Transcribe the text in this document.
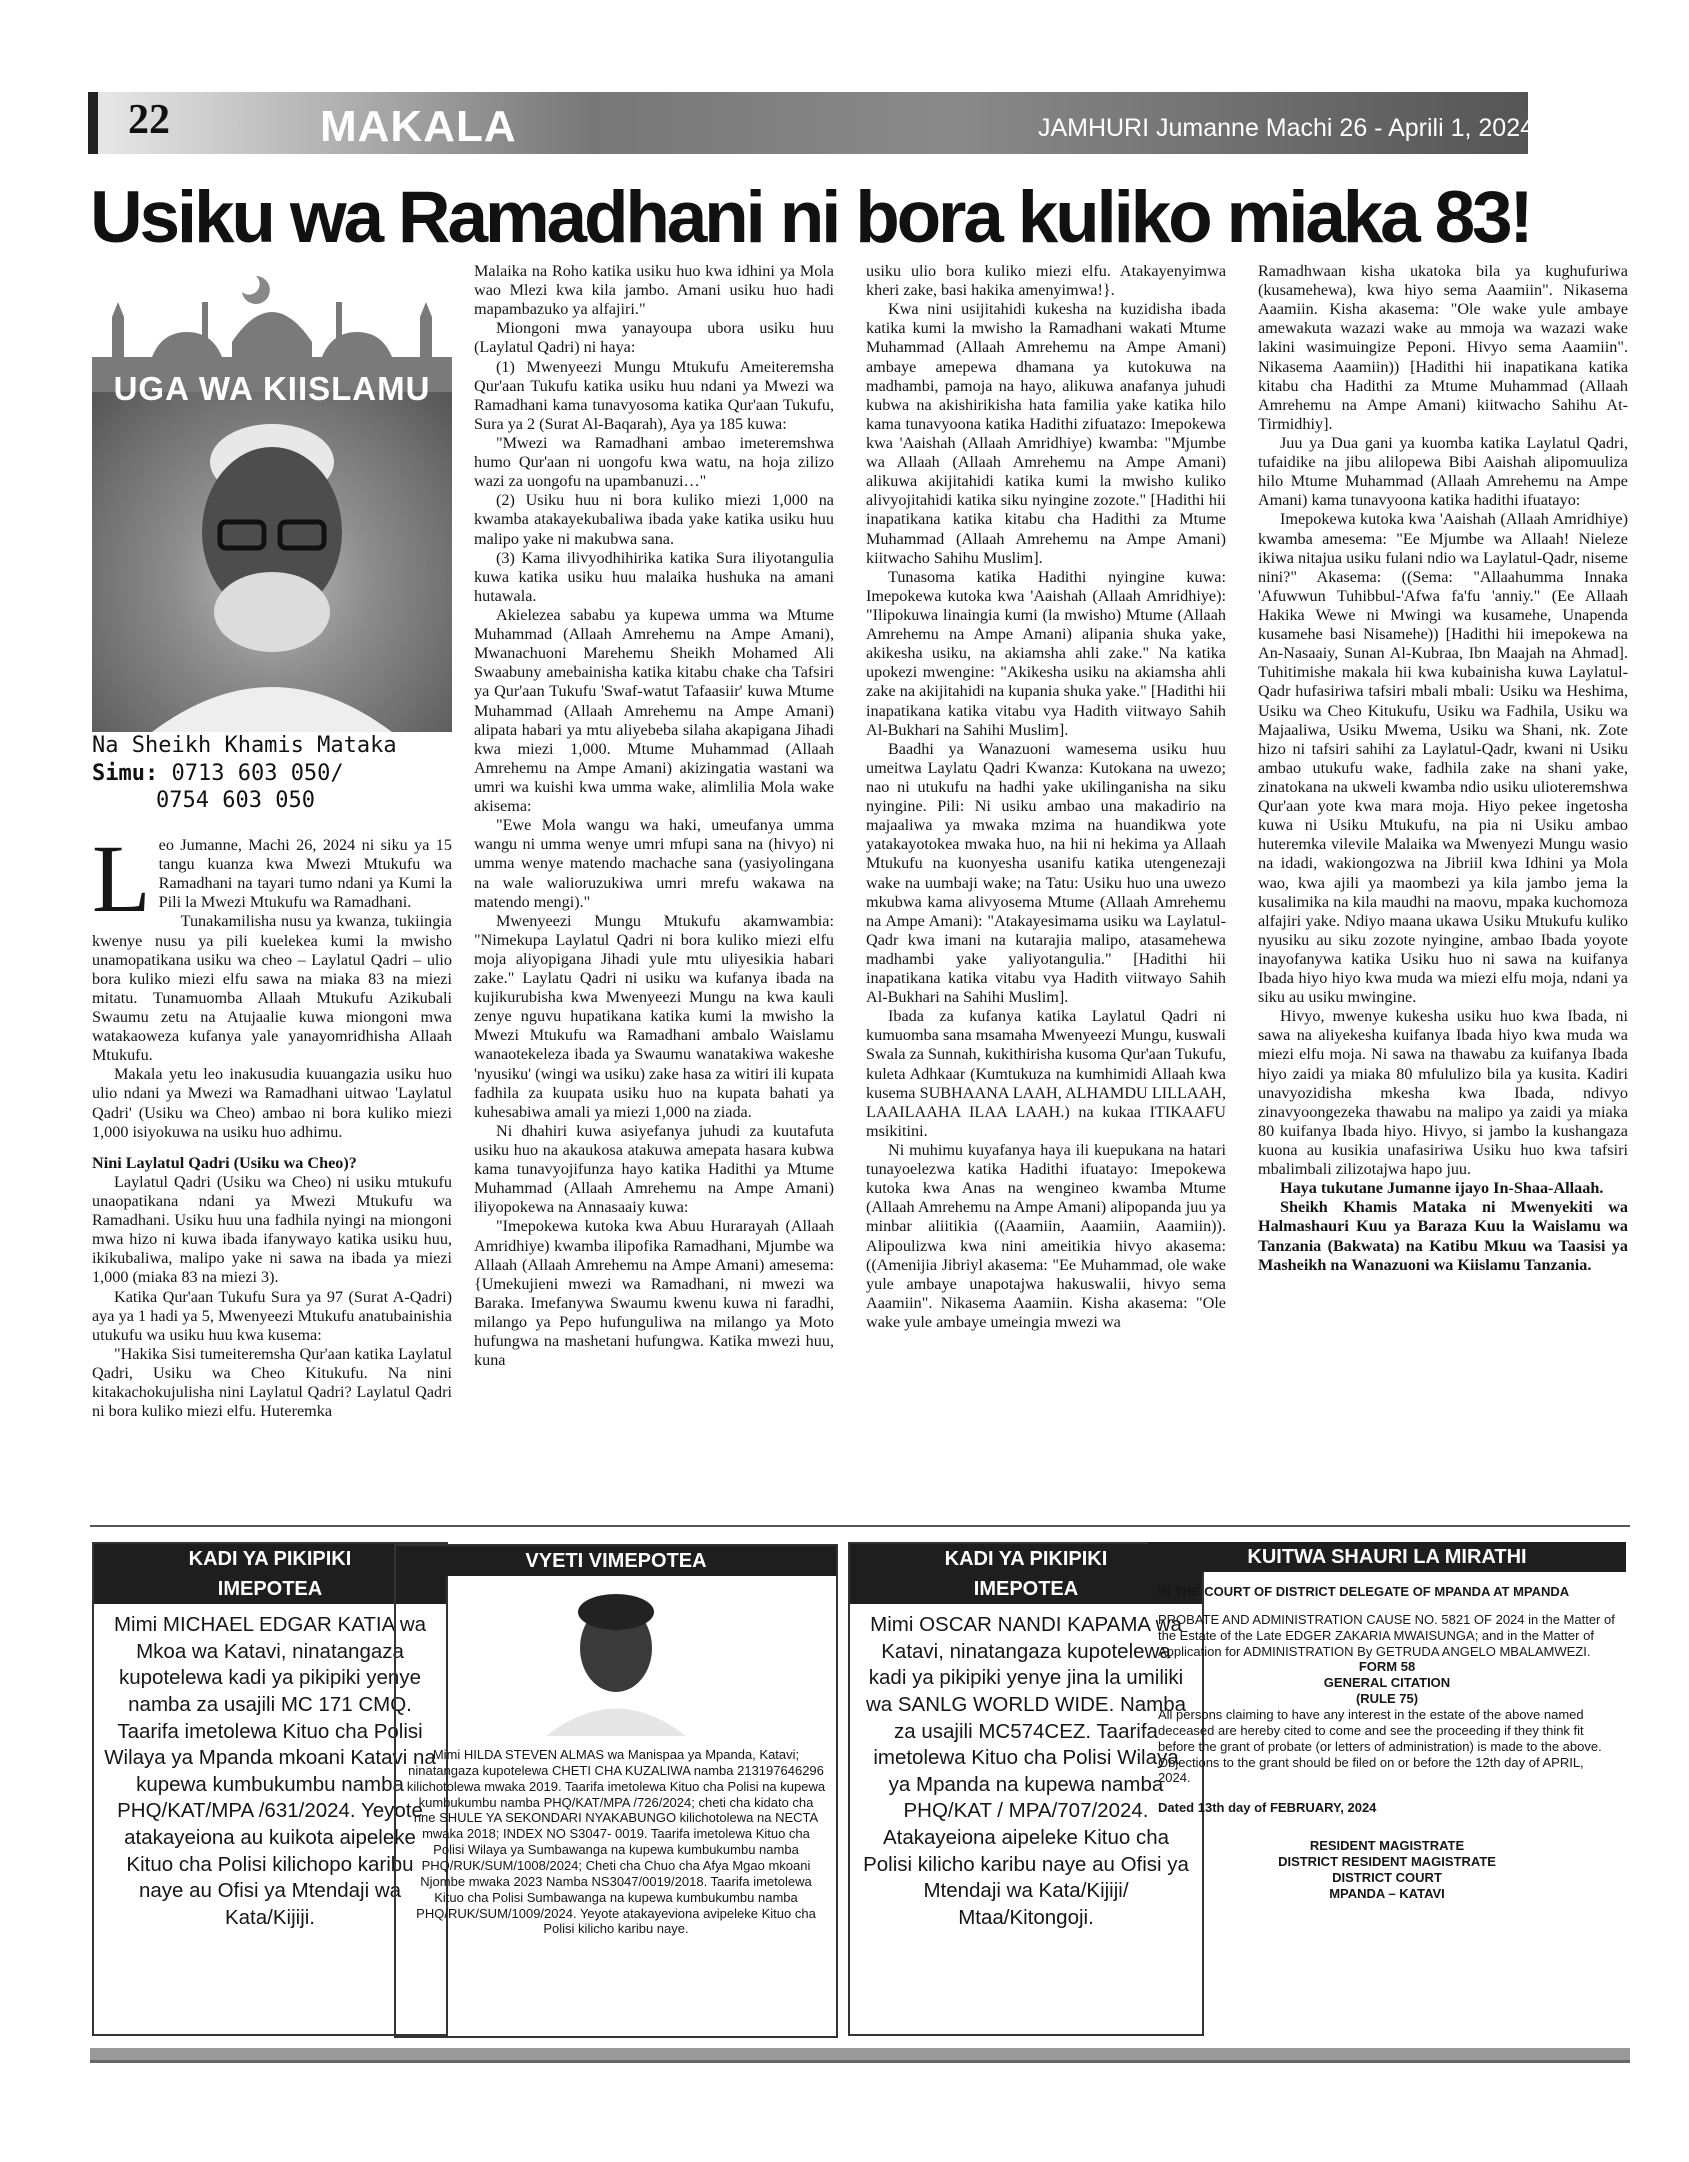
22	MAKALA	JAMHURI Jumanne Machi 26 - Aprili 1, 2024
Usiku wa Ramadhani ni bora kuliko miaka 83!
UGA WA KIISLAMU
Na Sheikh Khamis Mataka
Simu: 0713 603 050/
0754 603 050

Leo Jumanne, Machi 26, 2024 ni siku ya 15 tangu kuanza kwa Mwezi Mtukufu wa Ramadhani na tayari tumo ndani ya Kumi la Pili la Mwezi Mtukufu wa Ramadhani.

Tunakamilisha nusu ya kwanza, tukiingia kwenye nusu ya pili kuelekea kumi la mwisho unamopatikana usiku wa cheo – Laylatul Qadri – ulio bora kuliko miezi elfu sawa na miaka 83 na miezi mitatu. Tunamuomba Allaah Mtukufu Azikubali Swaumu zetu na Atujaalie kuwa miongoni mwa watakaoweza kufanya yale yanayomridhisha Allaah Mtukufu.

Makala yetu leo inakusudia kuuangazia usiku huo ulio ndani ya Mwezi wa Ramadhani uitwao 'Laylatul Qadri' (Usiku wa Cheo) ambao ni bora kuliko miezi 1,000 isiyokuwa na usiku huo adhimu.

Nini Laylatul Qadri (Usiku wa Cheo)?

Laylatul Qadri (Usiku wa Cheo) ni usiku mtukufu unaopatikana ndani ya Mwezi Mtukufu wa Ramadhani. Usiku huu una fadhila nyingi na miongoni mwa hizo ni kuwa ibada ifanywayo katika usiku huu, ikikubaliwa, malipo yake ni sawa na ibada ya miezi 1,000 (miaka 83 na miezi 3).

Katika Qur'aan Tukufu Sura ya 97 (Surat A-Qadri) aya ya 1 hadi ya 5, Mwenyeezi Mtukufu anatubainishia utukufu wa usiku huu kwa kusema:

"Hakika Sisi tumeiteremsha Qur'aan katika Laylatul Qadri, Usiku wa Cheo Kitukufu. Na nini kitakachokujulisha nini Laylatul Qadri? Laylatul Qadri ni bora kuliko miezi elfu. Huteremka

Malaika na Roho katika usiku huo kwa idhini ya Mola wao Mlezi kwa kila jambo. Amani usiku huo hadi mapambazuko ya alfajiri."

Miongoni mwa yanayoupa ubora usiku huu (Laylatul Qadri) ni haya:

(1) Mwenyeezi Mungu Mtukufu Ameiteremsha Qur'aan Tukufu katika usiku huu ndani ya Mwezi wa Ramadhani kama tunavyosoma katika Qur'aan Tukufu, Sura ya 2 (Surat Al-Baqarah), Aya ya 185 kuwa:

"Mwezi wa Ramadhani ambao imeteremshwa humo Qur'aan ni uongofu kwa watu, na hoja zilizo wazi za uongofu na upambanuzi…"

(2) Usiku huu ni bora kuliko miezi 1,000 na kwamba atakayekubaliwa ibada yake katika usiku huu malipo yake ni makubwa sana.

(3) Kama ilivyodhihirika katika Sura iliyotangulia kuwa katika usiku huu malaika hushuka na amani hutawala.

Akielezea sababu ya kupewa umma wa Mtume Muhammad (Allaah Amrehemu na Ampe Amani), Mwanachuoni Marehemu Sheikh Mohamed Ali Swaabuny amebainisha katika kitabu chake cha Tafsiri ya Qur'aan Tukufu 'Swaf-watut Tafaasiir' kuwa Mtume Muhammad (Allaah Amrehemu na Ampe Amani) alipata habari ya mtu aliyebeba silaha akapigana Jihadi kwa miezi 1,000. Mtume Muhammad (Allaah Amrehemu na Ampe Amani) akizingatia wastani wa umri wa kuishi kwa umma wake, alimlilia Mola wake akisema:

"Ewe Mola wangu wa haki, umeufanya umma wangu ni umma wenye umri mfupi sana na (hivyo) ni umma wenye matendo machache sana (yasiyolingana na wale walioruzukiwa umri mrefu wakawa na matendo mengi)."

Mwenyeezi Mungu Mtukufu akamwambia: "Nimekupa Laylatul Qadri ni bora kuliko miezi elfu moja aliyopigana Jihadi yule mtu uliyesikia habari zake." Laylatu Qadri ni usiku wa kufanya ibada na kujikurubisha kwa Mwenyeezi Mungu na kwa kauli zenye nguvu hupatikana katika kumi la mwisho la Mwezi Mtukufu wa Ramadhani ambalo Waislamu wanaotekeleza ibada ya Swaumu wanatakiwa wakeshe 'nyusiku' (wingi wa usiku) zake hasa za witiri ili kupata fadhila za kuupata usiku huo na kupata bahati ya kuhesabiwa amali ya miezi 1,000 na ziada.

Ni dhahiri kuwa asiyefanya juhudi za kuutafuta usiku huo na akaukosa atakuwa amepata hasara kubwa kama tunavyojifunza hayo katika Hadithi ya Mtume Muhammad (Allaah Amrehemu na Ampe Amani) iliyopokewa na Annasaaiy kuwa:

"Imepokewa kutoka kwa Abuu Hurarayah (Allaah Amridhiye) kwamba ilipofika Ramadhani, Mjumbe wa Allaah (Allaah Amrehemu na Ampe Amani) amesema: {Umekujieni mwezi wa Ramadhani, ni mwezi wa Baraka. Imefanywa Swaumu kwenu kuwa ni faradhi, milango ya Pepo hufunguliwa na milango ya Moto hufungwa na mashetani hufungwa. Katika mwezi huu, kuna

usiku ulio bora kuliko miezi elfu. Atakayenyimwa kheri zake, basi hakika amenyimwa!}.

Kwa nini usijitahidi kukesha na kuzidisha ibada katika kumi la mwisho la Ramadhani wakati Mtume Muhammad (Allaah Amrehemu na Ampe Amani) ambaye amepewa dhamana ya kutokuwa na madhambi, pamoja na hayo, alikuwa anafanya juhudi kubwa na akishirikisha hata familia yake katika hilo kama tunavyoona katika Hadithi zifuatazo: Imepokewa kwa 'Aaishah (Allaah Amridhiye) kwamba: "Mjumbe wa Allaah (Allaah Amrehemu na Ampe Amani) alikuwa akijitahidi katika kumi la mwisho kuliko alivyojitahidi katika siku nyingine zozote." [Hadithi hii inapatikana katika kitabu cha Hadithi za Mtume Muhammad (Allaah Amrehemu na Ampe Amani) kiitwacho Sahihu Muslim].

Tunasoma katika Hadithi nyingine kuwa: Imepokewa kutoka kwa 'Aaishah (Allaah Amridhiye): "Ilipokuwa linaingia kumi (la mwisho) Mtume (Allaah Amrehemu na Ampe Amani) alipania shuka yake, akikesha usiku, na akiamsha ahli zake." Na katika upokezi mwengine: "Akikesha usiku na akiamsha ahli zake na akijitahidi na kupania shuka yake." [Hadithi hii inapatikana katika vitabu vya Hadith viitwayo Sahih Al-Bukhari na Sahihi Muslim].

Baadhi ya Wanazuoni wamesema usiku huu umeitwa Laylatu Qadri Kwanza: Kutokana na uwezo; nao ni utukufu na hadhi yake ukilinganisha na siku nyingine. Pili: Ni usiku ambao una makadirio na majaaliwa ya mwaka mzima na huandikwa yote yatakayotokea mwaka huo, na hii ni hekima ya Allaah Mtukufu na kuonyesha usanifu katika utengenezaji wake na uumbaji wake; na Tatu: Usiku huo una uwezo mkubwa kama alivyosema Mtume (Allaah Amrehemu na Ampe Amani): "Atakayesimama usiku wa Laylatul-Qadr kwa imani na kutarajia malipo, atasamehewa madhambi yake yaliyotangulia." [Hadithi hii inapatikana katika vitabu vya Hadith viitwayo Sahih Al-Bukhari na Sahihi Muslim].

Ibada za kufanya katika Laylatul Qadri ni kumuomba sana msamaha Mwenyeezi Mungu, kuswali Swala za Sunnah, kukithirisha kusoma Qur'aan Tukufu, kuleta Adhkaar (Kumtukuza na kumhimidi Allaah kwa kusema SUBHAANA LAAH, ALHAMDU LILLAAH, LAAILAAHA ILAA LAAH.) na kukaa ITIKAAFU msikitini.

Ni muhimu kuyafanya haya ili kuepukana na hatari tunayoelezwa katika Hadithi ifuatayo: Imepokewa kutoka kwa Anas na wengineo kwamba Mtume (Allaah Amrehemu na Ampe Amani) alipopanda juu ya minbar aliitikia ((Aaamiin, Aaamiin, Aaamiin)). Alipoulizwa kwa nini ameitikia hivyo akasema: ((Amenijia Jibriyl akasema: "Ee Muhammad, ole wake yule ambaye unapotajwa hakuswalii, hivyo sema Aaamiin". Nikasema Aaamiin. Kisha akasema: "Ole wake yule ambaye umeingia mwezi wa

Ramadhwaan kisha ukatoka bila ya kughufuriwa (kusamehewa), kwa hiyo sema Aaamiin". Nikasema Aaamiin. Kisha akasema: "Ole wake yule ambaye amewakuta wazazi wake au mmoja wa wazazi wake lakini wasimuingize Peponi. Hivyo sema Aaamiin". Nikasema Aaamiin)) [Hadithi hii inapatikana katika kitabu cha Hadithi za Mtume Muhammad (Allaah Amrehemu na Ampe Amani) kiitwacho Sahihu At-Tirmidhiy].

Juu ya Dua gani ya kuomba katika Laylatul Qadri, tufaidike na jibu alilopewa Bibi Aaishah alipomuuliza hilo Mtume Muhammad (Allaah Amrehemu na Ampe Amani) kama tunavyoona katika hadithi ifuatayo:

Imepokewa kutoka kwa 'Aaishah (Allaah Amridhiye) kwamba amesema: "Ee Mjumbe wa Allaah! Nieleze ikiwa nitajua usiku fulani ndio wa Laylatul-Qadr, niseme nini?" Akasema: ((Sema: "Allaahumma Innaka 'Afuwwun Tuhibbul-'Afwa fa'fu 'anniy." (Ee Allaah Hakika Wewe ni Mwingi wa kusamehe, Unapenda kusamehe basi Nisamehe)) [Hadithi hii imepokewa na An-Nasaaiy, Sunan Al-Kubraa, Ibn Maajah na Ahmad]. Tuhitimishe makala hii kwa kubainisha kuwa Laylatul-Qadr hufasiriwa tafsiri mbali mbali: Usiku wa Heshima, Usiku wa Cheo Kitukufu, Usiku wa Fadhila, Usiku wa Majaaliwa, Usiku Mwema, Usiku wa Shani, nk. Zote hizo ni tafsiri sahihi za Laylatul-Qadr, kwani ni Usiku ambao utukufu wake, fadhila zake na shani yake, zinatokana na ukweli kwamba ndio usiku ulioteremshwa Qur'aan yote kwa mara moja. Hiyo pekee ingetosha kuwa ni Usiku Mtukufu, na pia ni Usiku ambao huteremka vilevile Malaika wa Mwenyezi Mungu wasio na idadi, wakiongozwa na Jibriil kwa Idhini ya Mola wao, kwa ajili ya maombezi ya kila jambo jema la kusalimika na kila maudhi na maovu, mpaka kuchomoza alfajiri yake. Ndiyo maana ukawa Usiku Mtukufu kuliko nyusiku au siku zozote nyingine, ambao Ibada yoyote inayofanywa katika Usiku huo ni sawa na kuifanya Ibada hiyo hiyo kwa muda wa miezi elfu moja, ndani ya siku au usiku mwingine.

Hivyo, mwenye kukesha usiku huo kwa Ibada, ni sawa na aliyekesha kuifanya Ibada hiyo kwa muda wa miezi elfu moja. Ni sawa na thawabu za kuifanya Ibada hiyo zaidi ya miaka 80 mfululizo bila ya kusita. Kadiri unavyozidisha mkesha kwa Ibada, ndivyo zinavyoongezeka thawabu na malipo ya zaidi ya miaka 80 kuifanya Ibada hiyo. Hivyo, si jambo la kushangaza kuona au kusikia unafasiriwa Usiku huo kwa tafsiri mbalimbali zilizotajwa hapo juu.

Haya tukutane Jumanne ijayo In-Shaa-Allaah.

Sheikh Khamis Mataka ni Mwenyekiti wa Halmashauri Kuu ya Baraza Kuu la Waislamu wa Tanzania (Bakwata) na Katibu Mkuu wa Taasisi ya Masheikh na Wanazuoni wa Kiislamu Tanzania.

KADI YA PIKIPIKI
IMEPOTEA
Mimi MICHAEL EDGAR KATIA wa Mkoa wa Katavi, ninatangaza kupotelewa kadi ya pikipiki yenye namba za usajili MC 171 CMQ. Taarifa imetolewa Kituo cha Polisi Wilaya ya Mpanda mkoani Katavi na kupewa kumbukumbu namba PHQ/KAT/MPA /631/2024. Yeyote atakayeiona au kuikota aipeleke Kituo cha Polisi kilichopo karibu naye au Ofisi ya Mtendaji wa Kata/Kijiji.
VYETI VIMEPOTEA
Mimi HILDA STEVEN ALMAS wa Manispaa ya Mpanda, Katavi; ninatangaza kupotelewa CHETI CHA KUZALIWA namba 213197646296 kilichotolewa mwaka 2019. Taarifa imetolewa Kituo cha Polisi na kupewa kumbukumbu namba PHQ/KAT/MPA /726/2024; cheti cha kidato cha nne SHULE YA SEKONDARI NYAKABUNGO kilichotolewa na NECTA mwaka 2018; INDEX NO S3047- 0019. Taarifa imetolewa Kituo cha Polisi Wilaya ya Sumbawanga na kupewa kumbukumbu namba PHQ/RUK/SUM/1008/2024; Cheti cha Chuo cha Afya Mgao mkoani Njombe mwaka 2023 Namba NS3047/0019/2018. Taarifa imetolewa Kituo cha Polisi Sumbawanga na kupewa kumbukumbu namba PHQ/RUK/SUM/1009/2024. Yeyote atakayeviona avipeleke Kituo cha Polisi kilicho karibu naye.
KADI YA PIKIPIKI
IMEPOTEA
Mimi OSCAR NANDI KAPAMA wa Katavi, ninatangaza kupotelewa kadi ya pikipiki yenye jina la umiliki wa SANLG WORLD WIDE. Namba za usajili MC574CEZ. Taarifa imetolewa Kituo cha Polisi Wilaya ya Mpanda na kupewa namba PHQ/KAT / MPA/707/2024. Atakayeiona aipeleke Kituo cha Polisi kilicho karibu naye au Ofisi ya Mtendaji wa Kata/Kijiji/ Mtaa/Kitongoji.
KUITWA SHAURI LA MIRATHI
IN THE COURT OF DISTRICT DELEGATE OF MPANDA AT MPANDA
PROBATE AND ADMINISTRATION CAUSE NO. 5821 OF 2024 in the Matter of the Estate of the Late EDGER ZAKARIA MWAISUNGA; and in the Matter of Application for ADMINISTRATION By GETRUDA ANGELO MBALAMWEZI.
FORM 58
GENERAL CITATION
(RULE 75)
All persons claiming to have any interest in the estate of the above named deceased are hereby cited to come and see the proceeding if they think fit before the grant of probate (or letters of administration) is made to the above.
Objections to the grant should be filed on or before the 12th day of APRIL, 2024.
Dated 13th day of FEBRUARY, 2024
RESIDENT MAGISTRATE
DISTRICT RESIDENT MAGISTRATE
DISTRICT COURT
MPANDA – KATAVI
